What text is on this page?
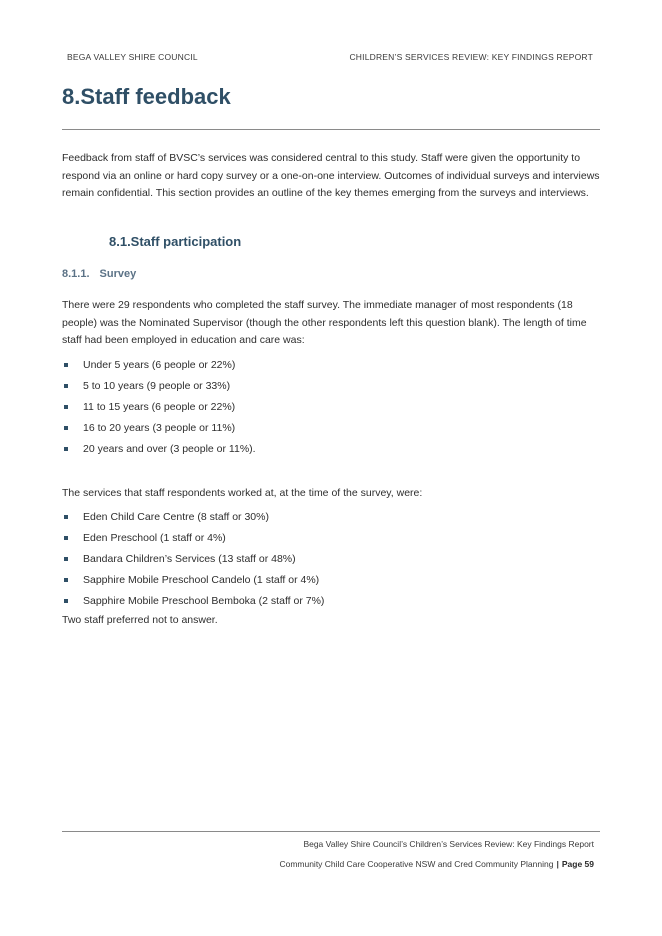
BEGA VALLEY SHIRE COUNCIL	CHILDREN’S SERVICES REVIEW: KEY FINDINGS REPORT
8.Staff feedback

Feedback from staff of BVSC’s services was considered central to this study. Staff were given the opportunity to respond via an online or hard copy survey or a one-on-one interview. Outcomes of individual surveys and interviews remain confidential. This section provides an outline of the key themes emerging from the surveys and interviews.

8.1.Staff participation
8.1.1. Survey

There were 29 respondents who completed the staff survey. The immediate manager of most respondents (18 people) was the Nominated Supervisor (though the other respondents left this question blank). The length of time staff had been employed in education and care was:

Under 5 years (6 people or 22%)
5 to 10 years (9 people or 33%)
11 to 15 years (6 people or 22%)
16 to 20 years (3 people or 11%)
20 years and over (3 people or 11%).

The services that staff respondents worked at, at the time of the survey, were:

Eden Child Care Centre (8 staff or 30%)
Eden Preschool (1 staff or 4%)
Bandara Children’s Services (13 staff or 48%)
Sapphire Mobile Preschool Candelo (1 staff or 4%)
Sapphire Mobile Preschool Bemboka (2 staff or 7%)

Two staff preferred not to answer.

Bega Valley Shire Council’s Children’s Services Review: Key Findings Report
Community Child Care Cooperative NSW and Cred Community Planning | Page 59
